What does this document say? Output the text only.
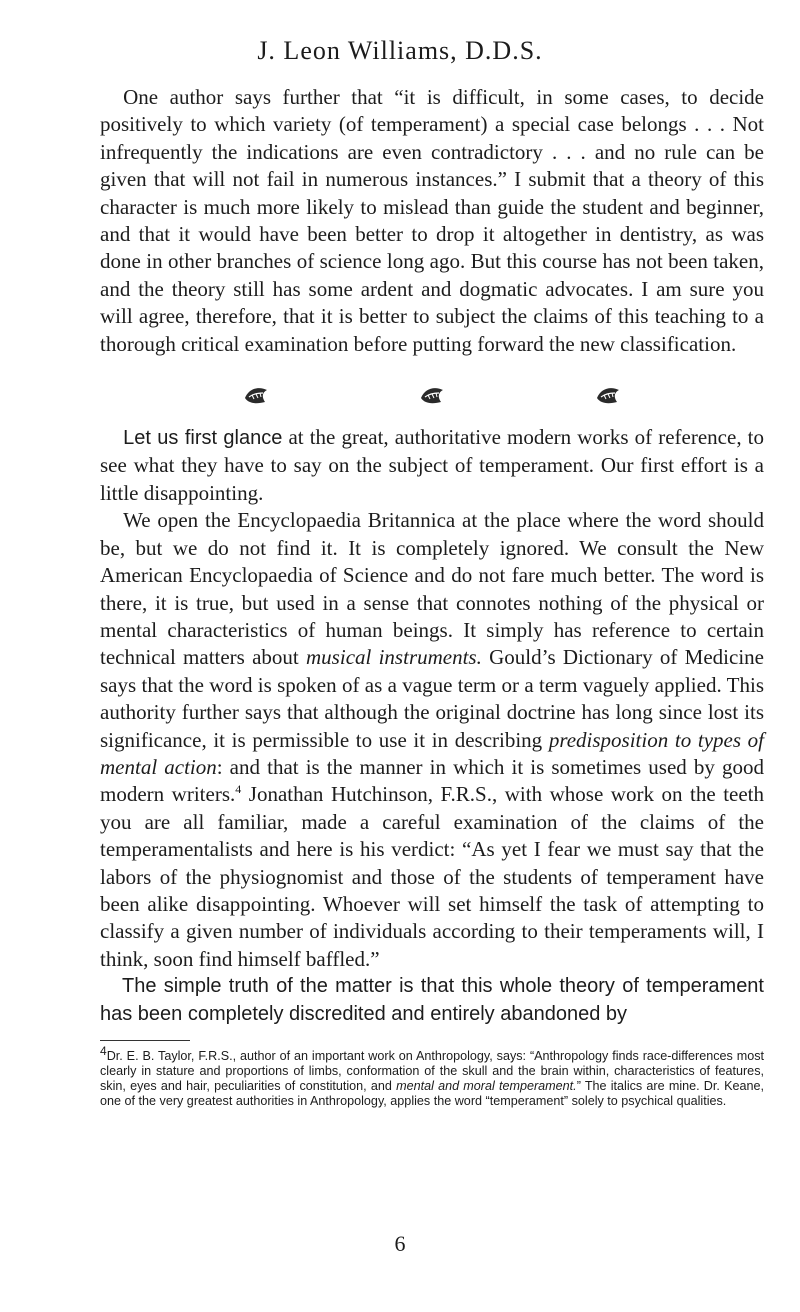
J. Leon Williams, D.D.S.

One author says further that “it is difficult, in some cases, to decide positively to which variety (of temperament) a special case belongs . . . Not infrequently the indications are even contradictory . . . and no rule can be given that will not fail in numerous instances.” I submit that a theory of this character is much more likely to mislead than guide the student and beginner, and that it would have been better to drop it altogether in dentistry, as was done in other branches of science long ago. But this course has not been taken, and the theory still has some ardent and dogmatic advocates. I am sure you will agree, therefore, that it is better to subject the claims of this teaching to a thorough critical examination before putting forward the new classification.

Let us first glance at the great, authoritative modern works of reference, to see what they have to say on the subject of temperament. Our first effort is a little disappointing.

We open the Encyclopaedia Britannica at the place where the word should be, but we do not find it. It is completely ignored. We consult the New American Encyclopaedia of Science and do not fare much better. The word is there, it is true, but used in a sense that connotes nothing of the physical or mental characteristics of human beings. It simply has reference to certain technical matters about musical instruments. Gould’s Dictionary of Medicine says that the word is spoken of as a vague term or a term vaguely applied. This authority further says that although the original doctrine has long since lost its significance, it is permissible to use it in describing predisposition to types of mental action: and that is the manner in which it is sometimes used by good modern writers.$^4$ Jonathan Hutchinson, F.R.S., with whose work on the teeth you are all familiar, made a careful examination of the claims of the temperamentalists and here is his verdict: “As yet I fear we must say that the labors of the physiognomist and those of the students of temperament have been alike disappointing. Whoever will set himself the task of attempting to classify a given number of individuals according to their temperaments will, I think, soon find himself baffled.”

The simple truth of the matter is that this whole theory of temperament has been completely discredited and entirely abandoned by

$^4$Dr. E. B. Taylor, F.R.S., author of an important work on Anthropology, says: “Anthropology finds race-differences most clearly in stature and proportions of limbs, conformation of the skull and the brain within, characteristics of features, skin, eyes and hair, peculiarities of constitution, and mental and moral temperament.” The italics are mine. Dr. Keane, one of the very greatest authorities in Anthropology, applies the word “temperament” solely to psychical qualities.

6
